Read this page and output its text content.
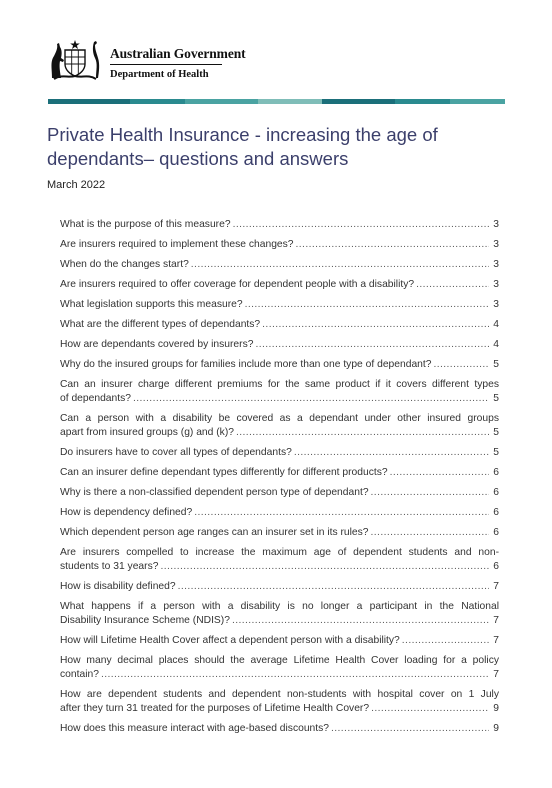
Australian Government
Department of Health
Private Health Insurance - increasing the age of dependants– questions and answers
March 2022
What is the purpose of this measure? .....	3
Are insurers required to implement these changes? .....	3
When do the changes start? .....	3
Are insurers required to offer coverage for dependent people with a disability? .....	3
What legislation supports this measure? .....	3
What are the different types of dependants? .....	4
How are dependants covered by insurers? .....	4
Why do the insured groups for families include more than one type of dependant? .....	5
Can an insurer charge different premiums for the same product if it covers different types
of dependants? .....	5
Can a person with a disability be covered as a dependant under other insured groups
apart from insured groups (g) and (k)? .....	5
Do insurers have to cover all types of dependants? .....	5
Can an insurer define dependant types differently for different products? .....	6
Why is there a non-classified dependent person type of dependant? .....	6
How is dependency defined? .....	6
Which dependent person age ranges can an insurer set in its rules? .....	6
Are insurers compelled to increase the maximum age of dependent students and non-
students to 31 years? .....	6
How is disability defined? .....	7
What happens if a person with a disability is no longer a participant in the National
Disability Insurance Scheme (NDIS)? .....	7
How will Lifetime Health Cover affect a dependent person with a disability? .....	7
How many decimal places should the average Lifetime Health Cover loading for a policy
contain? .....	7
How are dependent students and dependent non-students with hospital cover on 1 July
after they turn 31 treated for the purposes of Lifetime Health Cover? .....	9
How does this measure interact with age-based discounts? .....	9
